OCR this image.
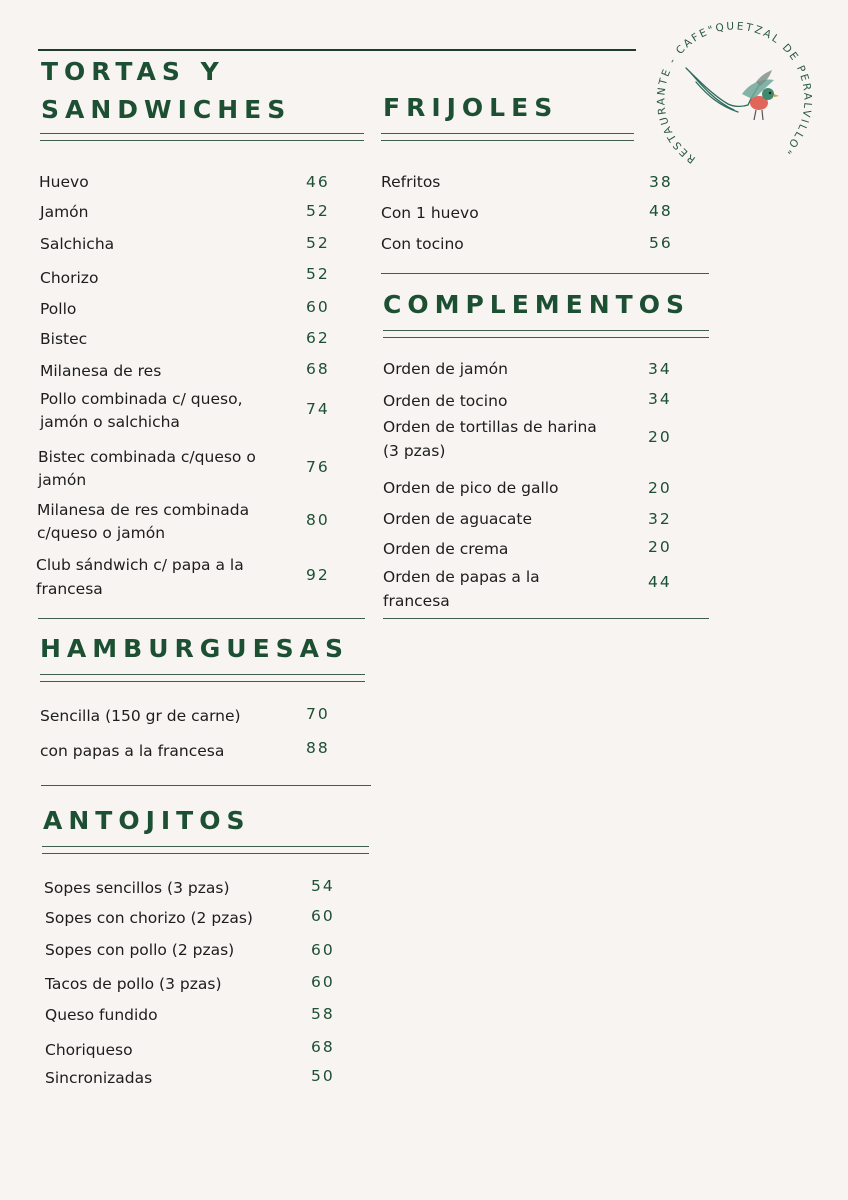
RESTAURANTE - CAFE"QUETZAL DE PERALVILLO"
TORTAS Y
SANDWICHES
Huevo	46
Jamón	52
Salchicha	52
Chorizo	52
Pollo	60
Bistec	62
Milanesa de res	68
Pollo combinada c/ queso,
jamón o salchicha
74
Bistec combinada c/queso o
jamón
76
Milanesa de res combinada
c/queso o jamón
80
Club sándwich c/ papa a la
francesa
92
FRIJOLES
Refritos	38
Con 1 huevo	48
Con tocino	56
COMPLEMENTOS
Orden de jamón	34
Orden de tocino	34
Orden de tortillas de harina
(3 pzas)
20
Orden de pico de gallo	20
Orden de aguacate	32
Orden de crema	20
Orden de papas a la
francesa
44
HAMBURGUESAS
Sencilla (150 gr de carne)	70
con papas a la francesa	88
ANTOJITOS
Sopes sencillos (3 pzas)	54
Sopes con chorizo (2 pzas)	60
Sopes con pollo (2 pzas)	60
Tacos de pollo (3 pzas)	60
Queso fundido	58
Choriqueso	68
Sincronizadas	50
